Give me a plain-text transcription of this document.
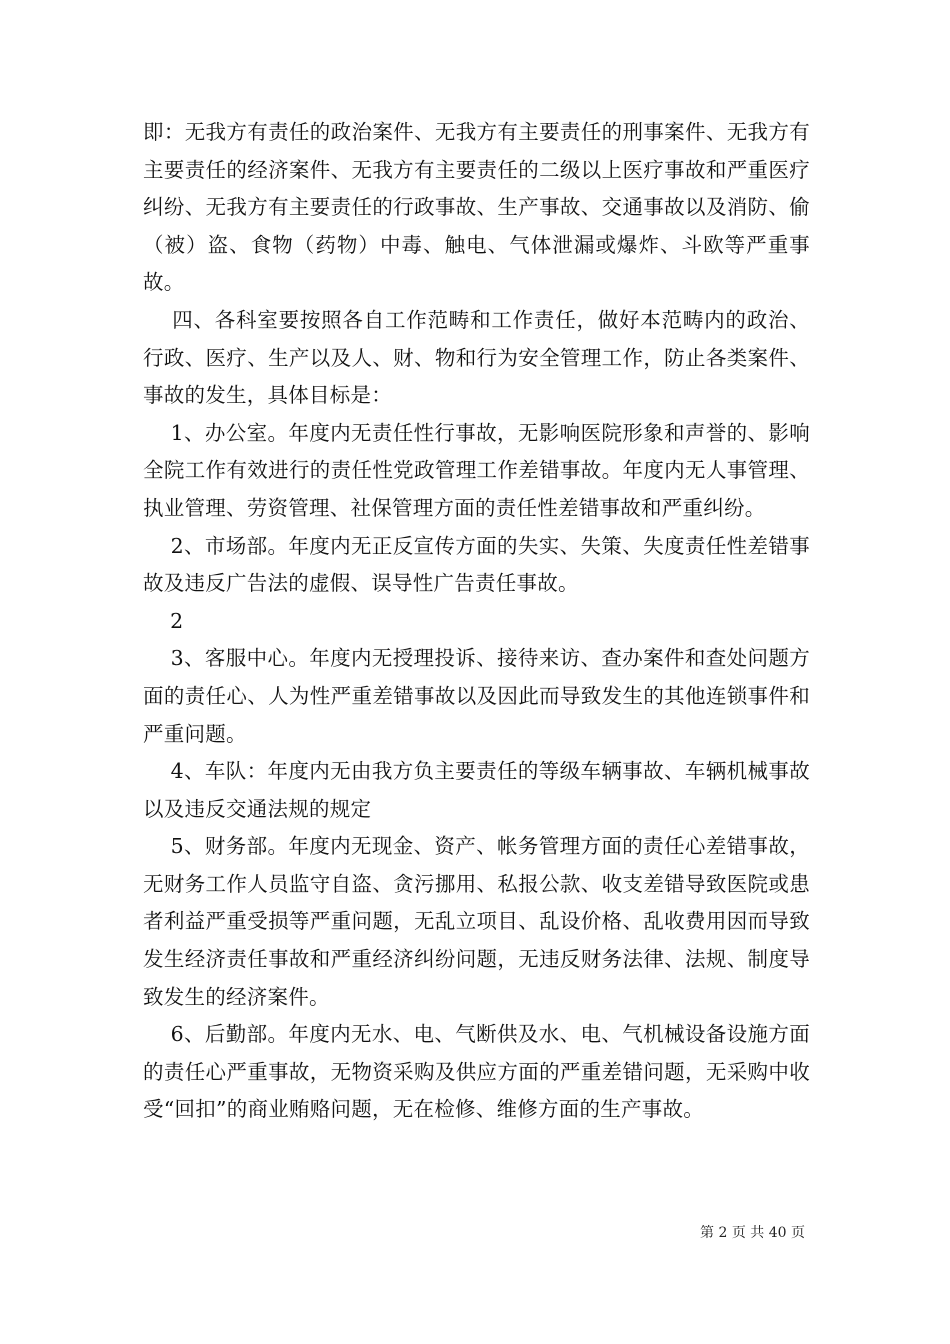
即：无我方有责任的政治案件、无我方有主要责任的刑事案件、无我方有主要责任的经济案件、无我方有主要责任的二级以上医疗事故和严重医疗纠纷、无我方有主要责任的行政事故、生产事故、交通事故以及消防、偷（被）盗、食物（药物）中毒、触电、气体泄漏或爆炸、斗欧等严重事故。

四、各科室要按照各自工作范畴和工作责任，做好本范畴内的政治、行政、医疗、生产以及人、财、物和行为安全管理工作，防止各类案件、事故的发生，具体目标是：

1、办公室。年度内无责任性行事故，无影响医院形象和声誉的、影响全院工作有效进行的责任性党政管理工作差错事故。年度内无人事管理、执业管理、劳资管理、社保管理方面的责任性差错事故和严重纠纷。

2、市场部。年度内无正反宣传方面的失实、失策、失度责任性差错事故及违反广告法的虚假、误导性广告责任事故。

2

3、客服中心。年度内无授理投诉、接待来访、查办案件和查处问题方面的责任心、人为性严重差错事故以及因此而导致发生的其他连锁事件和严重问题。

4、车队：年度内无由我方负主要责任的等级车辆事故、车辆机械事故以及违反交通法规的规定

5、财务部。年度内无现金、资产、帐务管理方面的责任心差错事故，无财务工作人员监守自盗、贪污挪用、私报公款、收支差错导致医院或患者利益严重受损等严重问题，无乱立项目、乱设价格、乱收费用因而导致发生经济责任事故和严重经济纠纷问题，无违反财务法律、法规、制度导致发生的经济案件。

6、后勤部。年度内无水、电、气断供及水、电、气机械设备设施方面的责任心严重事故，无物资采购及供应方面的严重差错问题，无采购中收受“回扣”的商业贿赂问题，无在检修、维修方面的生产事故。

第 2 页 共 40 页
